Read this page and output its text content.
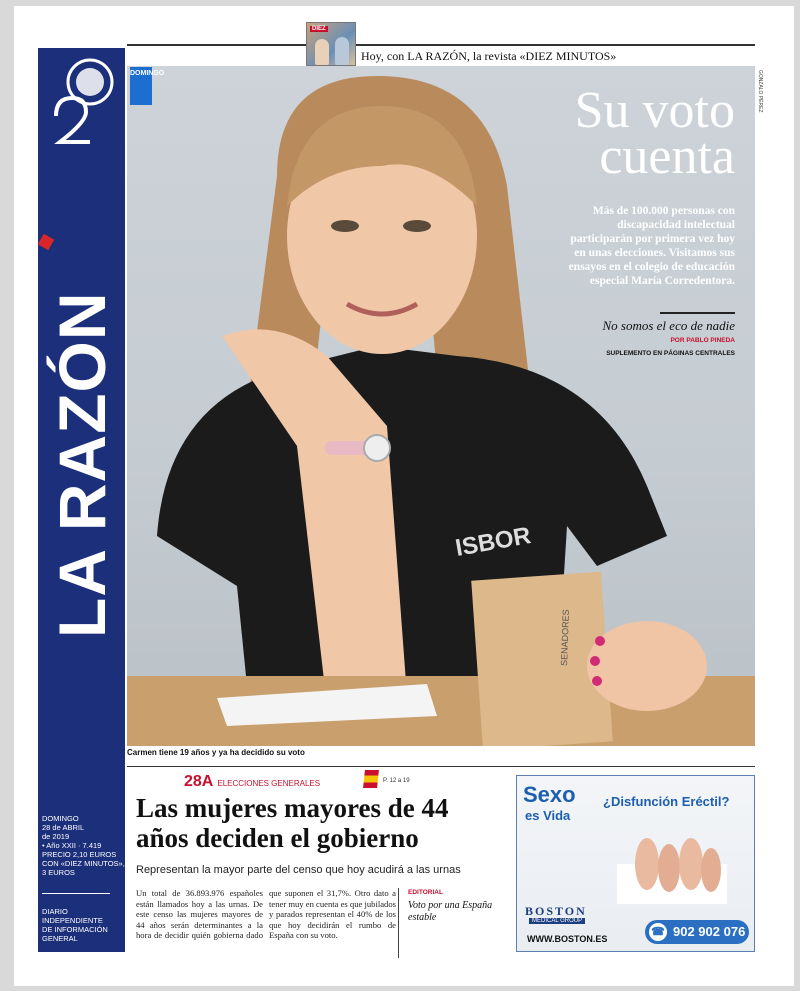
DIEZ
Hoy, con LA RAZÓN, la revista «DIEZ MINUTOS»
LA RAZÓN
DOMINGO
28 de ABRIL
de 2019
• Año XXII · 7.419
PRECIO 2,10 EUROS
CON «DIEZ MINUTOS»,
3 EUROS
DIARIO
INDEPENDIENTE
DE INFORMACIÓN
GENERAL
ISBOR
SENADORES
DOMINGO	GONZALO PÉREZ
Su voto
cuenta
Más de 100.000 personas con discapacidad intelectual participarán por primera vez hoy en unas elecciones. Visitamos sus ensayos en el colegio de educación especial María Corredentora.
No somos el eco de nadie
POR PABLO PINEDA
SUPLEMENTO EN PÁGINAS CENTRALES
Carmen tiene 19 años y ya ha decidido su voto
28A ELECCIONES GENERALES	P. 12 a 19
Las mujeres mayores de 44 años deciden el gobierno
Representan la mayor parte del censo que hoy acudirá a las urnas
Un total de 36.893.976 españoles están llamados hoy a las urnas. De este censo las mujeres mayores de 44 años serán determinantes a la hora de decidir quién gobierna dado que suponen el 31,7%. Otro dato a tener muy en cuenta es que jubilados y parados representan el 40% de los que hoy decidirán el rumbo de España con su voto.
EDITORIAL
Voto por una España estable
Sexo
es Vida
¿Disfunción Eréctil?
BOSTON
MEDICAL GROUP
WWW.BOSTON.ES
☎ 902 902 076
